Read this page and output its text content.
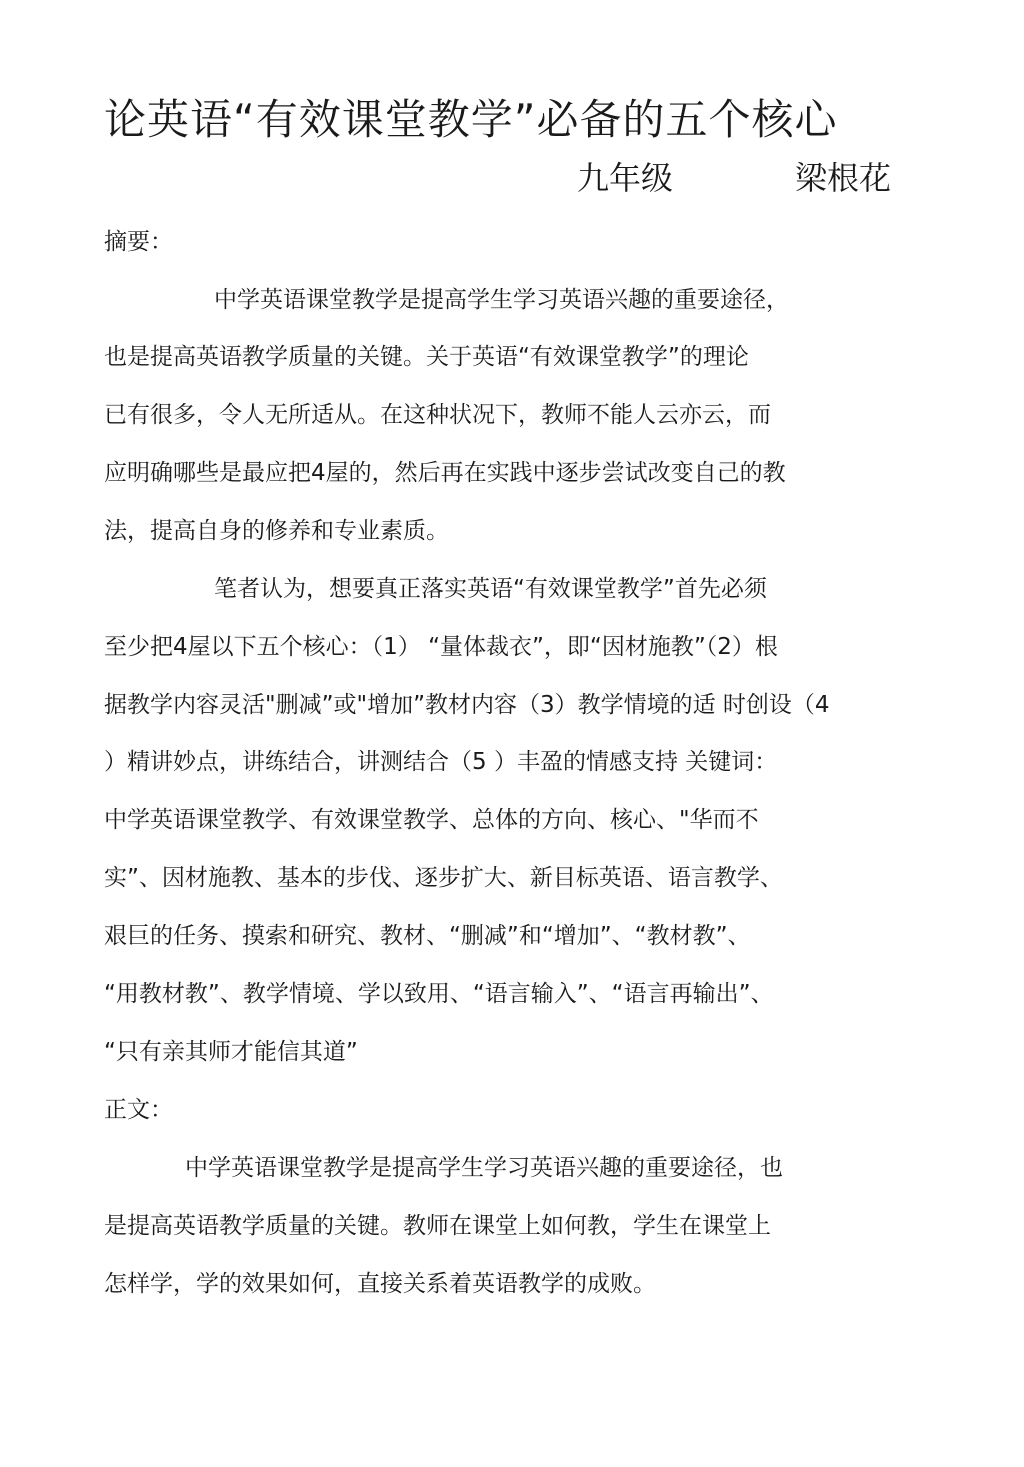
论英语“有效课堂教学”必备的五个核心
九年级	梁根花
摘要：
中学英语课堂教学是提高学生学习英语兴趣的重要途径，
也是提高英语教学质量的关键。关于英语“有效课堂教学”的理论
已有很多，令人无所适从。在这种状况下，教师不能人云亦云，而
应明确哪些是最应把4屋的，然后再在实践中逐步尝试改变自己的教
法，提高自身的修养和专业素质。
笔者认为，想要真正落实英语“有效课堂教学”首先必须
至少把4屋以下五个核心：（1） “量体裁衣”，即“因材施教”（2）根
据教学内容灵活"删减”或"增加”教材内容（3）教学情境的适 时创设（4
）精讲妙点，讲练结合，讲测结合（5 ）丰盈的情感支持 关键词：
中学英语课堂教学、有效课堂教学、总体的方向、核心、"华而不
实”、因材施教、基本的步伐、逐步扩大、新目标英语、语言教学、
艰巨的任务、摸索和研究、教材、“删减”和“增加”、“教材教”、
“用教材教”、教学情境、学以致用、“语言输入”、“语言再输出”、
“只有亲其师才能信其道”
正文：
中学英语课堂教学是提高学生学习英语兴趣的重要途径，也
是提高英语教学质量的关键。教师在课堂上如何教，学生在课堂上
怎样学，学的效果如何，直接关系着英语教学的成败。
